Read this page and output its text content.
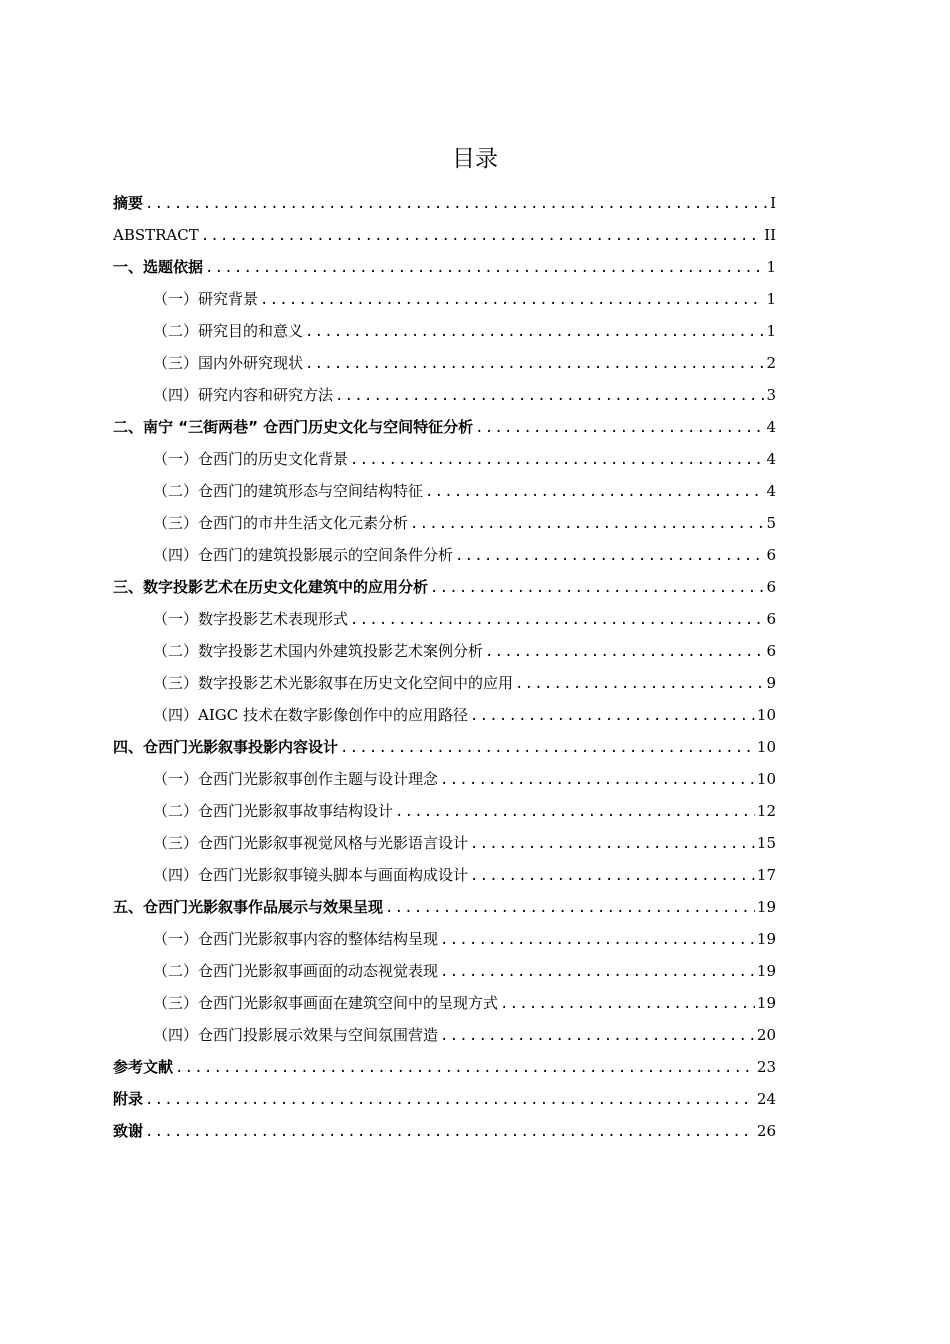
目录
摘要 .....	I
ABSTRACT .....	II
一、选题依据 .....	1
（一）研究背景 .....	1
（二）研究目的和意义 .....	1
（三）国内外研究现状 .....	2
（四）研究内容和研究方法 .....	3
二、南宁 “三街两巷” 仓西门历史文化与空间特征分析 .....	4
（一）仓西门的历史文化背景 .....	4
（二）仓西门的建筑形态与空间结构特征 .....	4
（三）仓西门的市井生活文化元素分析 .....	5
（四）仓西门的建筑投影展示的空间条件分析 .....	6
三、数字投影艺术在历史文化建筑中的应用分析 .....	6
（一）数字投影艺术表现形式 .....	6
（二）数字投影艺术国内外建筑投影艺术案例分析 .....	6
（三）数字投影艺术光影叙事在历史文化空间中的应用 .....	9
（四）AIGC 技术在数字影像创作中的应用路径 .....	10
四、仓西门光影叙事投影内容设计 .....	10
（一）仓西门光影叙事创作主题与设计理念 .....	10
（二）仓西门光影叙事故事结构设计 .....	12
（三）仓西门光影叙事视觉风格与光影语言设计 .....	15
（四）仓西门光影叙事镜头脚本与画面构成设计 .....	17
五、仓西门光影叙事作品展示与效果呈现 .....	19
（一）仓西门光影叙事内容的整体结构呈现 .....	19
（二）仓西门光影叙事画面的动态视觉表现 .....	19
（三）仓西门光影叙事画面在建筑空间中的呈现方式 .....	19
（四）仓西门投影展示效果与空间氛围营造 .....	20
参考文献 .....	23
附录 .....	24
致谢 .....	26
